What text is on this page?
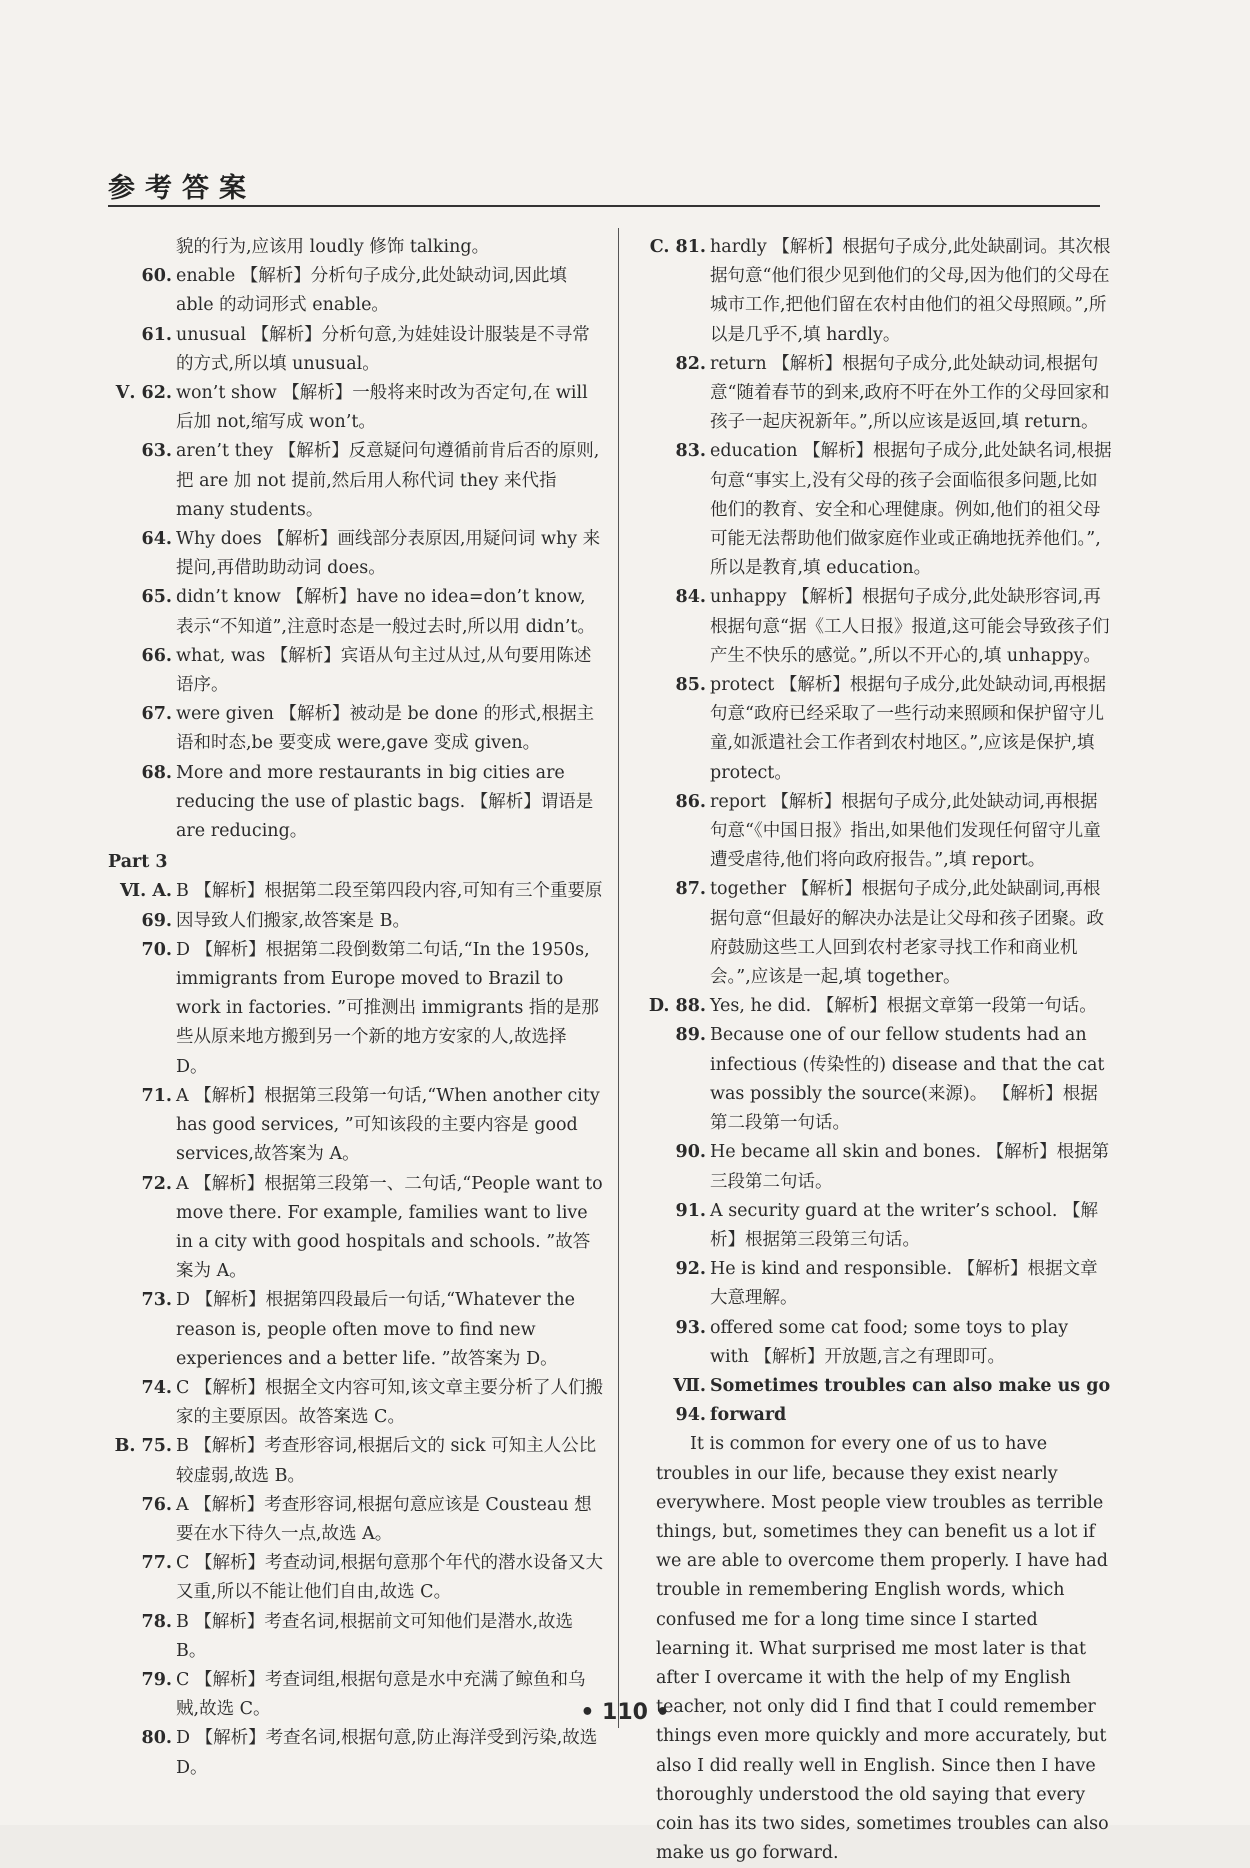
参考答案
貌的行为,应该用 loudly 修饰 talking。
60. enable 【解析】分析句子成分,此处缺动词,因此填able 的动词形式 enable。
61. unusual 【解析】分析句意,为娃娃设计服装是不寻常的方式,所以填 unusual。
Ⅴ. 62. won’t show 【解析】一般将来时改为否定句,在 will 后加 not,缩写成 won’t。
63. aren’t they 【解析】反意疑问句遵循前肯后否的原则,把 are 加 not 提前,然后用人称代词 they 来代指 many students。
64. Why does 【解析】画线部分表原因,用疑问词 why 来提问,再借助助动词 does。
65. didn’t know 【解析】have no idea=don’t know,表示“不知道”,注意时态是一般过去时,所以用 didn’t。
66. what, was 【解析】宾语从句主过从过,从句要用陈述语序。
67. were given 【解析】被动是 be done 的形式,根据主语和时态,be 要变成 were,gave 变成 given。
68. More and more restaurants in big cities are reducing the use of plastic bags. 【解析】谓语是 are reducing。
Part 3
Ⅵ. A. 69.
B 【解析】根据第二段至第四段内容,可知有三个重要原因导致人们搬家,故答案是 B。
70. D 【解析】根据第二段倒数第二句话,“In the 1950s, immigrants from Europe moved to Brazil to work in factories. ”可推测出 immigrants 指的是那些从原来地方搬到另一个新的地方安家的人,故选择 D。
71. A 【解析】根据第三段第一句话,“When another city has good services, ”可知该段的主要内容是 good services,故答案为 A。
72. A 【解析】根据第三段第一、二句话,“People want to move there. For example, families want to live in a city with good hospitals and schools. ”故答案为 A。
73. D 【解析】根据第四段最后一句话,“Whatever the reason is, people often move to find new experiences and a better life. ”故答案为 D。
74. C 【解析】根据全文内容可知,该文章主要分析了人们搬家的主要原因。故答案选 C。
B. 75. B 【解析】考查形容词,根据后文的 sick 可知主人公比较虚弱,故选 B。
76. A 【解析】考查形容词,根据句意应该是 Cousteau 想要在水下待久一点,故选 A。
77. C 【解析】考查动词,根据句意那个年代的潜水设备又大又重,所以不能让他们自由,故选 C。
78. B 【解析】考查名词,根据前文可知他们是潜水,故选 B。
79. C 【解析】考查词组,根据句意是水中充满了鲸鱼和乌贼,故选 C。
80. D 【解析】考查名词,根据句意,防止海洋受到污染,故选 D。
C. 81. hardly 【解析】根据句子成分,此处缺副词。其次根据句意“他们很少见到他们的父母,因为他们的父母在城市工作,把他们留在农村由他们的祖父母照顾。”,所以是几乎不,填 hardly。
82. return 【解析】根据句子成分,此处缺动词,根据句意“随着春节的到来,政府不吁在外工作的父母回家和孩子一起庆祝新年。”,所以应该是返回,填 return。
83. education 【解析】根据句子成分,此处缺名词,根据句意“事实上,没有父母的孩子会面临很多问题,比如他们的教育、安全和心理健康。例如,他们的祖父母可能无法帮助他们做家庭作业或正确地抚养他们。”,所以是教育,填 education。
84. unhappy 【解析】根据句子成分,此处缺形容词,再根据句意“据《工人日报》报道,这可能会导致孩子们产生不快乐的感觉。”,所以不开心的,填 unhappy。
85. protect 【解析】根据句子成分,此处缺动词,再根据句意“政府已经采取了一些行动来照顾和保护留守儿童,如派遣社会工作者到农村地区。”,应该是保护,填 protect。
86. report 【解析】根据句子成分,此处缺动词,再根据句意“《中国日报》指出,如果他们发现任何留守儿童遭受虐待,他们将向政府报告。”,填 report。
87. together 【解析】根据句子成分,此处缺副词,再根据句意“但最好的解决办法是让父母和孩子团聚。政府鼓励这些工人回到农村老家寻找工作和商业机会。”,应该是一起,填 together。
D. 88. Yes, he did. 【解析】根据文章第一段第一句话。
89. Because one of our fellow students had an infectious (传染性的) disease and that the cat was possibly the source(来源)。 【解析】根据第二段第一句话。
90. He became all skin and bones. 【解析】根据第三段第二句话。
91. A security guard at the writer’s school. 【解析】根据第三段第三句话。
92. He is kind and responsible. 【解析】根据文章大意理解。
93. offered some cat food; some toys to play with 【解析】开放题,言之有理即可。
Ⅶ. 94.
Sometimes troubles can also make us go forward

It is common for every one of us to have troubles in our life, because they exist nearly everywhere. Most people view troubles as terrible things, but, sometimes they can benefit us a lot if we are able to overcome them properly. I have had trouble in remembering English words, which confused me for a long time since I started learning it. What surprised me most later is that after I overcame it with the help of my English teacher, not only did I find that I could remember things even more quickly and more accurately, but also I did really well in English. Since then I have thoroughly understood the old saying that every coin has its two sides, sometimes troubles can also make us go forward.

• 110 •
